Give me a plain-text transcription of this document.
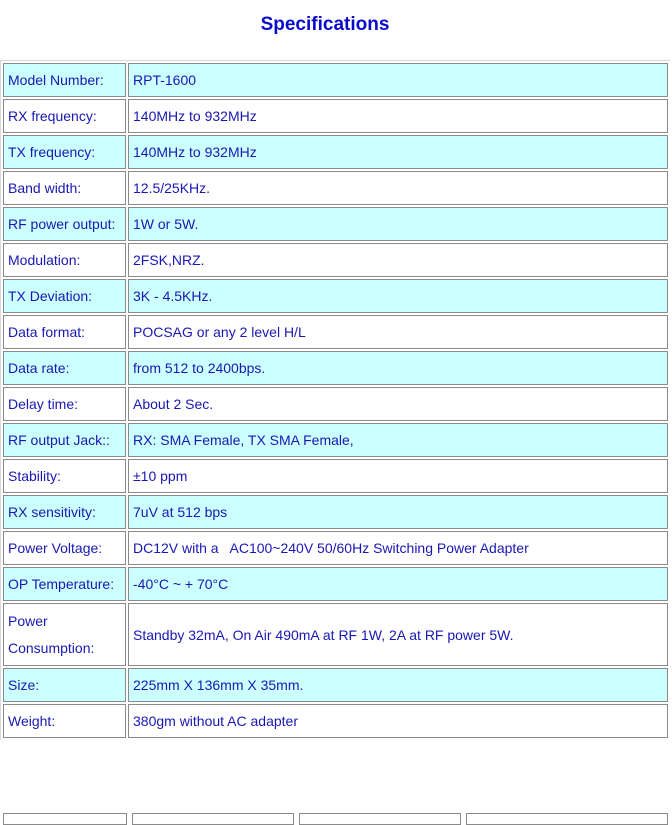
Specifications
Model Number:	RPT-1600
RX frequency:	140MHz to 932MHz
TX frequency:	140MHz to 932MHz
Band width:	12.5/25KHz.
RF power output:	1W or 5W.
Modulation:	2FSK,NRZ.
TX Deviation:	3K - 4.5KHz.
Data format:	POCSAG or any 2 level H/L
Data rate:	from 512 to 2400bps.
Delay time:	About 2 Sec.
RF output Jack::	RX: SMA Female, TX SMA Female,
Stability:	±10 ppm
RX sensitivity:	7uV at 512 bps
Power Voltage:	DC12V with a   AC100~240V 50/60Hz Switching Power Adapter
OP Temperature:	-40°C ~ + 70°C
Power Consumption:	Standby 32mA, On Air 490mA at RF 1W, 2A at RF power 5W.
Size:	225mm X 136mm X 35mm.
Weight:	380gm without AC adapter
